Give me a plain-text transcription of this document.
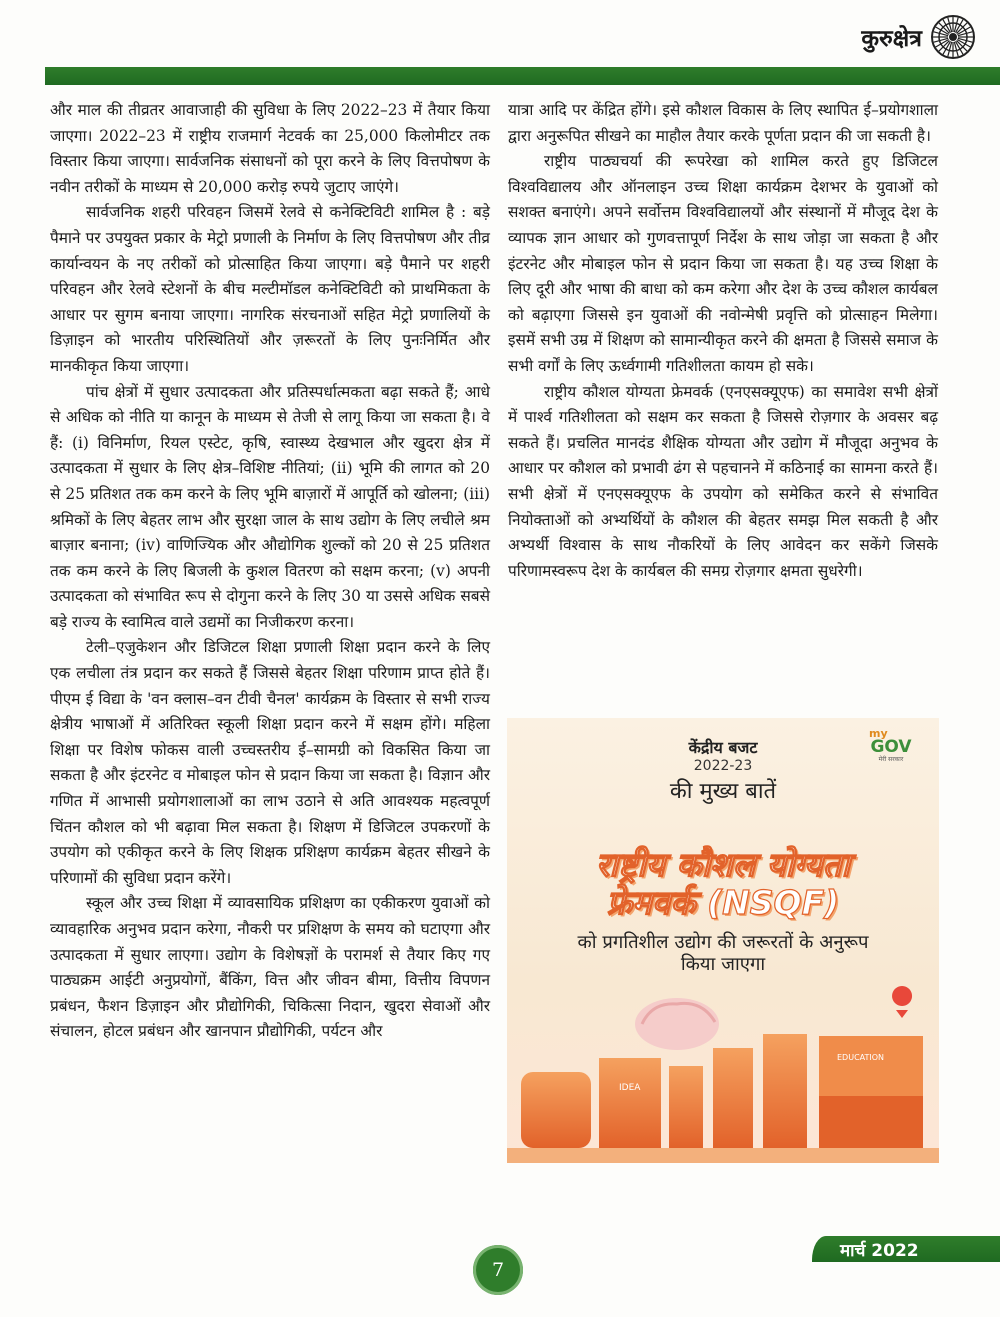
कुरुक्षेत्र

और माल की तीव्रतर आवाजाही की सुविधा के लिए 2022–23 में तैयार किया जाएगा। 2022–23 में राष्ट्रीय राजमार्ग नेटवर्क का 25,000 किलोमीटर तक विस्तार किया जाएगा। सार्वजनिक संसाधनों को पूरा करने के लिए वित्तपोषण के नवीन तरीकों के माध्यम से 20,000 करोड़ रुपये जुटाए जाएंगे।

सार्वजनिक शहरी परिवहन जिसमें रेलवे से कनेक्टिविटी शामिल है : बड़े पैमाने पर उपयुक्त प्रकार के मेट्रो प्रणाली के निर्माण के लिए वित्तपोषण और तीव्र कार्यान्वयन के नए तरीकों को प्रोत्साहित किया जाएगा। बड़े पैमाने पर शहरी परिवहन और रेलवे स्टेशनों के बीच मल्टीमॉडल कनेक्टिविटी को प्राथमिकता के आधार पर सुगम बनाया जाएगा। नागरिक संरचनाओं सहित मेट्रो प्रणालियों के डिज़ाइन को भारतीय परिस्थितियों और ज़रूरतों के लिए पुनःनिर्मित और मानकीकृत किया जाएगा।

पांच क्षेत्रों में सुधार उत्पादकता और प्रतिस्पर्धात्मकता बढ़ा सकते हैं; आधे से अधिक को नीति या कानून के माध्यम से तेजी से लागू किया जा सकता है। वे हैं: (i) विनिर्माण, रियल एस्टेट, कृषि, स्वास्थ्य देखभाल और खुदरा क्षेत्र में उत्पादकता में सुधार के लिए क्षेत्र–विशिष्ट नीतियां; (ii) भूमि की लागत को 20 से 25 प्रतिशत तक कम करने के लिए भूमि बाज़ारों में आपूर्ति को खोलना; (iii) श्रमिकों के लिए बेहतर लाभ और सुरक्षा जाल के साथ उद्योग के लिए लचीले श्रम बाज़ार बनाना; (iv) वाणिज्यिक और औद्योगिक शुल्कों को 20 से 25 प्रतिशत तक कम करने के लिए बिजली के कुशल वितरण को सक्षम करना; (v) अपनी उत्पादकता को संभावित रूप से दोगुना करने के लिए 30 या उससे अधिक सबसे बड़े राज्य के स्वामित्व वाले उद्यमों का निजीकरण करना।

टेली–एजुकेशन और डिजिटल शिक्षा प्रणाली शिक्षा प्रदान करने के लिए एक लचीला तंत्र प्रदान कर सकते हैं जिससे बेहतर शिक्षा परिणाम प्राप्त होते हैं। पीएम ई विद्या के 'वन क्लास–वन टीवी चैनल' कार्यक्रम के विस्तार से सभी राज्य क्षेत्रीय भाषाओं में अतिरिक्त स्कूली शिक्षा प्रदान करने में सक्षम होंगे। महिला शिक्षा पर विशेष फोकस वाली उच्चस्तरीय ई–सामग्री को विकसित किया जा सकता है और इंटरनेट व मोबाइल फोन से प्रदान किया जा सकता है। विज्ञान और गणित में आभासी प्रयोगशालाओं का लाभ उठाने से अति आवश्यक महत्वपूर्ण चिंतन कौशल को भी बढ़ावा मिल सकता है। शिक्षण में डिजिटल उपकरणों के उपयोग को एकीकृत करने के लिए शिक्षक प्रशिक्षण कार्यक्रम बेहतर सीखने के परिणामों की सुविधा प्रदान करेंगे।

स्कूल और उच्च शिक्षा में व्यावसायिक प्रशिक्षण का एकीकरण युवाओं को व्यावहारिक अनुभव प्रदान करेगा, नौकरी पर प्रशिक्षण के समय को घटाएगा और उत्पादकता में सुधार लाएगा। उद्योग के विशेषज्ञों के परामर्श से तैयार किए गए पाठ्यक्रम आईटी अनुप्रयोगों, बैंकिंग, वित्त और जीवन बीमा, वित्तीय विपणन प्रबंधन, फैशन डिज़ाइन और प्रौद्योगिकी, चिकित्सा निदान, खुदरा सेवाओं और संचालन, होटल प्रबंधन और खानपान प्रौद्योगिकी, पर्यटन और

यात्रा आदि पर केंद्रित होंगे। इसे कौशल विकास के लिए स्थापित ई–प्रयोगशाला द्वारा अनुरूपित सीखने का माहौल तैयार करके पूर्णता प्रदान की जा सकती है।

राष्ट्रीय पाठ्यचर्या की रूपरेखा को शामिल करते हुए डिजिटल विश्वविद्यालय और ऑनलाइन उच्च शिक्षा कार्यक्रम देशभर के युवाओं को सशक्त बनाएंगे। अपने सर्वोत्तम विश्वविद्यालयों और संस्थानों में मौजूद देश के व्यापक ज्ञान आधार को गुणवत्तापूर्ण निर्देश के साथ जोड़ा जा सकता है और इंटरनेट और मोबाइल फोन से प्रदान किया जा सकता है। यह उच्च शिक्षा के लिए दूरी और भाषा की बाधा को कम करेगा और देश के उच्च कौशल कार्यबल को बढ़ाएगा जिससे इन युवाओं की नवोन्मेषी प्रवृत्ति को प्रोत्साहन मिलेगा। इसमें सभी उम्र में शिक्षण को सामान्यीकृत करने की क्षमता है जिससे समाज के सभी वर्गों के लिए ऊर्ध्वगामी गतिशीलता कायम हो सके।

राष्ट्रीय कौशल योग्यता फ्रेमवर्क (एनएसक्यूएफ) का समावेश सभी क्षेत्रों में पार्श्व गतिशीलता को सक्षम कर सकता है जिससे रोज़गार के अवसर बढ़ सकते हैं। प्रचलित मानदंड शैक्षिक योग्यता और उद्योग में मौजूदा अनुभव के आधार पर कौशल को प्रभावी ढंग से पहचानने में कठिनाई का सामना करते हैं। सभी क्षेत्रों में एनएसक्यूएफ के उपयोग को समेकित करने से संभावित नियोक्ताओं को अभ्यर्थियों के कौशल की बेहतर समझ मिल सकती है और अभ्यर्थी विश्वास के साथ नौकरियों के लिए आवेदन कर सकेंगे जिसके परिणामस्वरूप देश के कार्यबल की समग्र रोज़गार क्षमता सुधरेगी।

केंद्रीय बजट
2022-23
की मुख्य बातें
my
GOV
मेरी सरकार
राष्ट्रीय कौशल योग्यता
फ्रेमवर्क (NSQF)
को प्रगतिशील उद्योग की जरूरतों के अनुरूप
किया जाएगा
IDEA
EDUCATION
7
मार्च 2022
